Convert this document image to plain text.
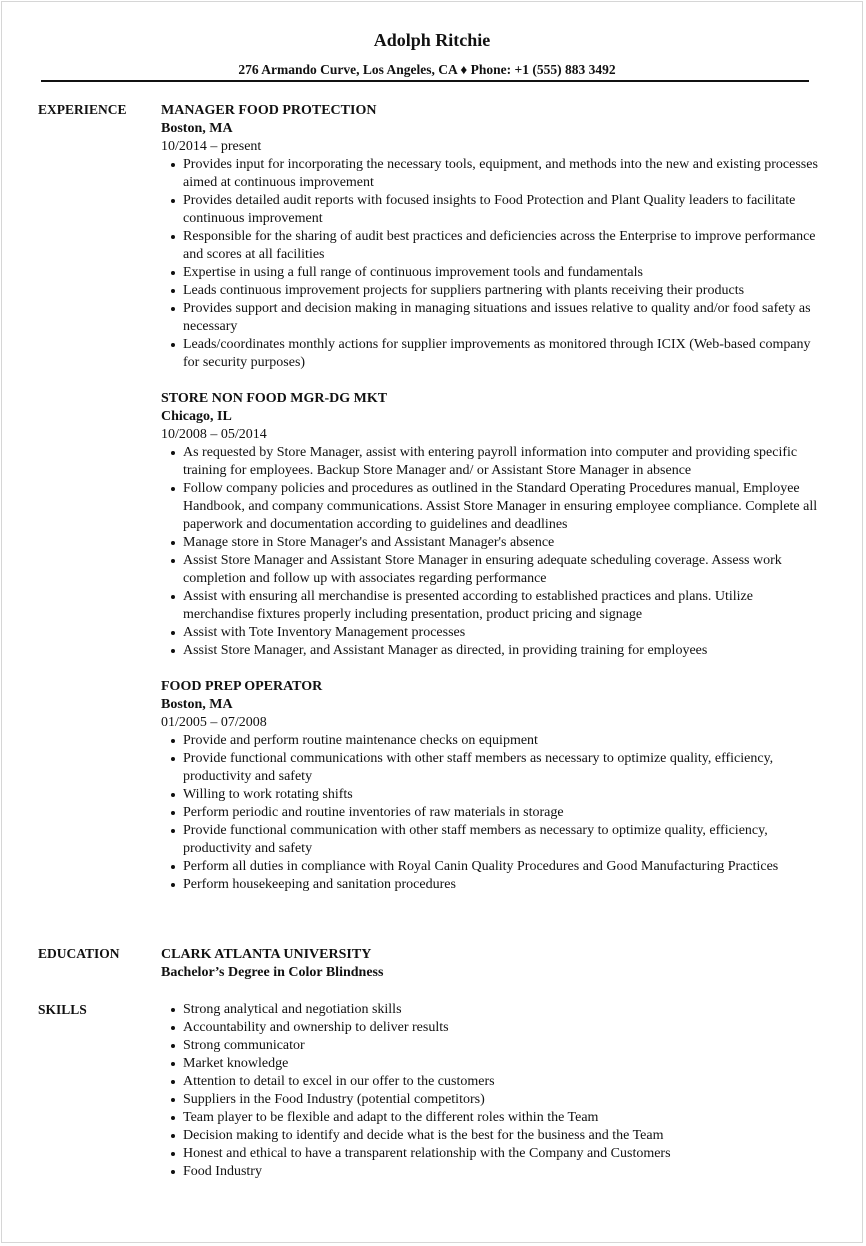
Adolph Ritchie
276 Armando Curve, Los Angeles, CA ♦ Phone: +1 (555) 883 3492
EXPERIENCE MANAGER FOOD PROTECTION
Boston, MA
10/2014 – present
Provides input for incorporating the necessary tools, equipment, and methods into the new and existing processes aimed at continuous improvement
Provides detailed audit reports with focused insights to Food Protection and Plant Quality leaders to facilitate continuous improvement
Responsible for the sharing of audit best practices and deficiencies across the Enterprise to improve performance and scores at all facilities
Expertise in using a full range of continuous improvement tools and fundamentals
Leads continuous improvement projects for suppliers partnering with plants receiving their products
Provides support and decision making in managing situations and issues relative to quality and/or food safety as necessary
Leads/coordinates monthly actions for supplier improvements as monitored through ICIX (Web-based company for security purposes)
STORE NON FOOD MGR-DG MKT
Chicago, IL
10/2008 – 05/2014
As requested by Store Manager, assist with entering payroll information into computer and providing specific training for employees. Backup Store Manager and/ or Assistant Store Manager in absence
Follow company policies and procedures as outlined in the Standard Operating Procedures manual, Employee Handbook, and company communications. Assist Store Manager in ensuring employee compliance. Complete all paperwork and documentation according to guidelines and deadlines
Manage store in Store Manager's and Assistant Manager's absence
Assist Store Manager and Assistant Store Manager in ensuring adequate scheduling coverage. Assess work completion and follow up with associates regarding performance
Assist with ensuring all merchandise is presented according to established practices and plans. Utilize merchandise fixtures properly including presentation, product pricing and signage
Assist with Tote Inventory Management processes
Assist Store Manager, and Assistant Manager as directed, in providing training for employees
FOOD PREP OPERATOR
Boston, MA
01/2005 – 07/2008
Provide and perform routine maintenance checks on equipment
Provide functional communications with other staff members as necessary to optimize quality, efficiency, productivity and safety
Willing to work rotating shifts
Perform periodic and routine inventories of raw materials in storage
Provide functional communication with other staff members as necessary to optimize quality, efficiency, productivity and safety
Perform all duties in compliance with Royal Canin Quality Procedures and Good Manufacturing Practices
Perform housekeeping and sanitation procedures
EDUCATION	CLARK ATLANTA UNIVERSITY
Bachelor’s Degree in Color Blindness
SKILLS	Strong analytical and negotiation skills
Accountability and ownership to deliver results
Strong communicator
Market knowledge
Attention to detail to excel in our offer to the customers
Suppliers in the Food Industry (potential competitors)
Team player to be flexible and adapt to the different roles within the Team
Decision making to identify and decide what is the best for the business and the Team
Honest and ethical to have a transparent relationship with the Company and Customers
Food Industry
